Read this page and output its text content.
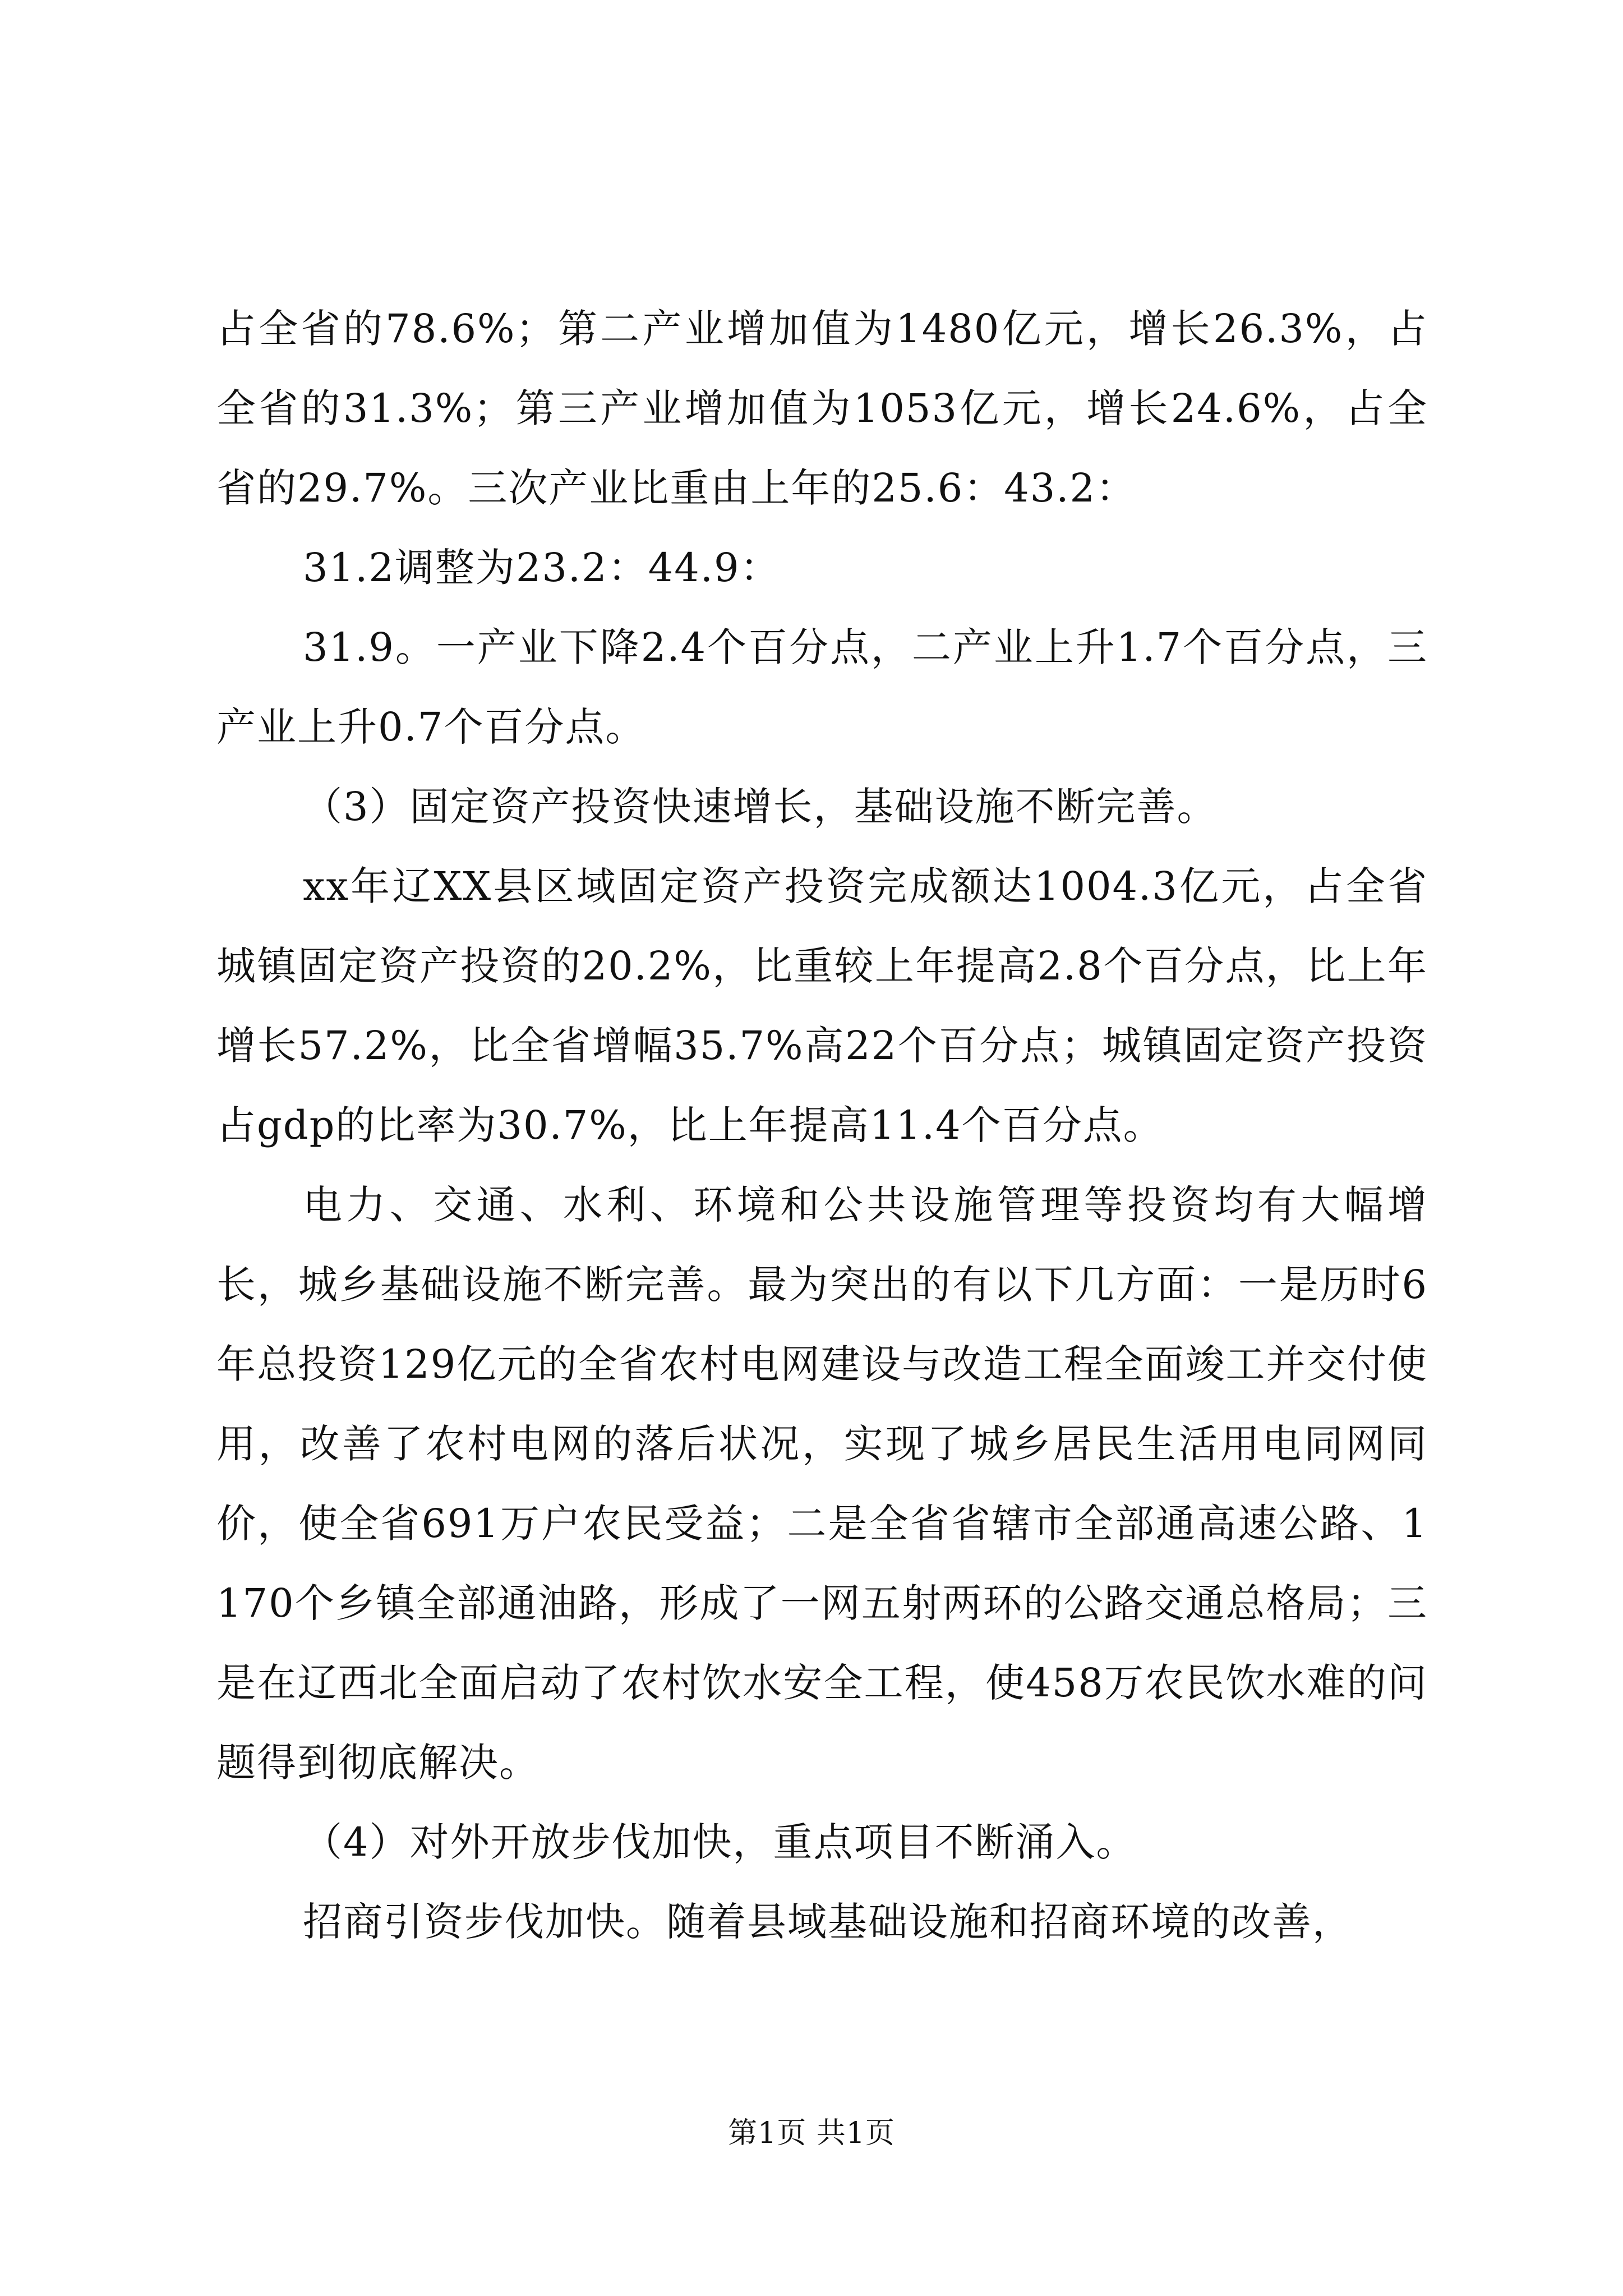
占全省的78.6%；第二产业增加值为1480亿元，增长26.3%，占全省的31.3%；第三产业增加值为1053亿元，增长24.6%，占全省的29.7%。三次产业比重由上年的25.6：43.2：

31.2调整为23.2：44.9：

31.9。一产业下降2.4个百分点，二产业上升1.7个百分点，三产业上升0.7个百分点。

（3）固定资产投资快速增长，基础设施不断完善。

xx年辽XX县区域固定资产投资完成额达1004.3亿元，占全省城镇固定资产投资的20.2%，比重较上年提高2.8个百分点，比上年增长57.2%，比全省增幅35.7%高22个百分点；城镇固定资产投资占gdp的比率为30.7%，比上年提高11.4个百分点。

电力、交通、水利、环境和公共设施管理等投资均有大幅增长，城乡基础设施不断完善。最为突出的有以下几方面：一是历时6年总投资129亿元的全省农村电网建设与改造工程全面竣工并交付使用，改善了农村电网的落后状况，实现了城乡居民生活用电同网同价，使全省691万户农民受益；二是全省省辖市全部通高速公路、1170个乡镇全部通油路，形成了一网五射两环的公路交通总格局；三是在辽西北全面启动了农村饮水安全工程，使458万农民饮水难的问题得到彻底解决。

（4）对外开放步伐加快，重点项目不断涌入。

招商引资步伐加快。随着县域基础设施和招商环境的改善，

第1页 共1页
